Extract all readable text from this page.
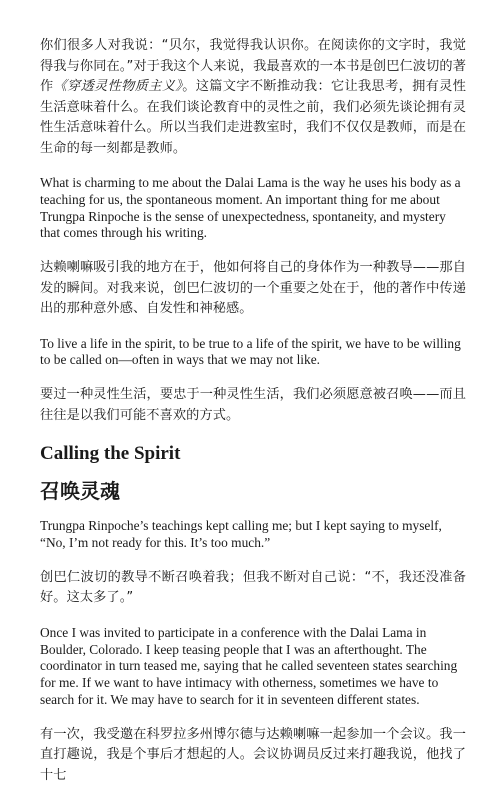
你们很多人对我说：“贝尔，我觉得我认识你。在阅读你的文字时，我觉得我与你同在。”对于我这个人来说，我最喜欢的一本书是创巴仁波切的著作《穿透灵性物质主义》。这篇文字不断推动我：它让我思考，拥有灵性生活意味着什么。在我们谈论教育中的灵性之前，我们必须先谈论拥有灵性生活意味着什么。所以当我们走进教室时，我们不仅仅是教师，而是在生命的每一刻都是教师。

What is charming to me about the Dalai Lama is the way he uses his body as a teaching for us, the spontaneous moment. An important thing for me about Trungpa Rinpoche is the sense of unexpectedness, spontaneity, and mystery that comes through his writing.

达赖喇嘛吸引我的地方在于，他如何将自己的身体作为一种教导——那自发的瞬间。对我来说，创巴仁波切的一个重要之处在于，他的著作中传递出的那种意外感、自发性和神秘感。

To live a life in the spirit, to be true to a life of the spirit, we have to be willing to be called on—often in ways that we may not like.

要过一种灵性生活，要忠于一种灵性生活，我们必须愿意被召唤——而且往往是以我们可能不喜欢的方式。

Calling the Spirit
召唤灵魂

Trungpa Rinpoche’s teachings kept calling me; but I kept saying to myself, “No, I’m not ready for this. It’s too much.”

创巴仁波切的教导不断召唤着我；但我不断对自己说：“不，我还没准备好。这太多了。”

Once I was invited to participate in a conference with the Dalai Lama in Boulder, Colorado. I keep teasing people that I was an afterthought. The coordinator in turn teased me, saying that he called seventeen states searching for me. If we want to have intimacy with otherness, sometimes we have to search for it. We may have to search for it in seventeen different states.

有一次，我受邀在科罗拉多州博尔德与达赖喇嘛一起参加一个会议。我一直打趣说，我是个事后才想起的人。会议协调员反过来打趣我说，他找了十七
